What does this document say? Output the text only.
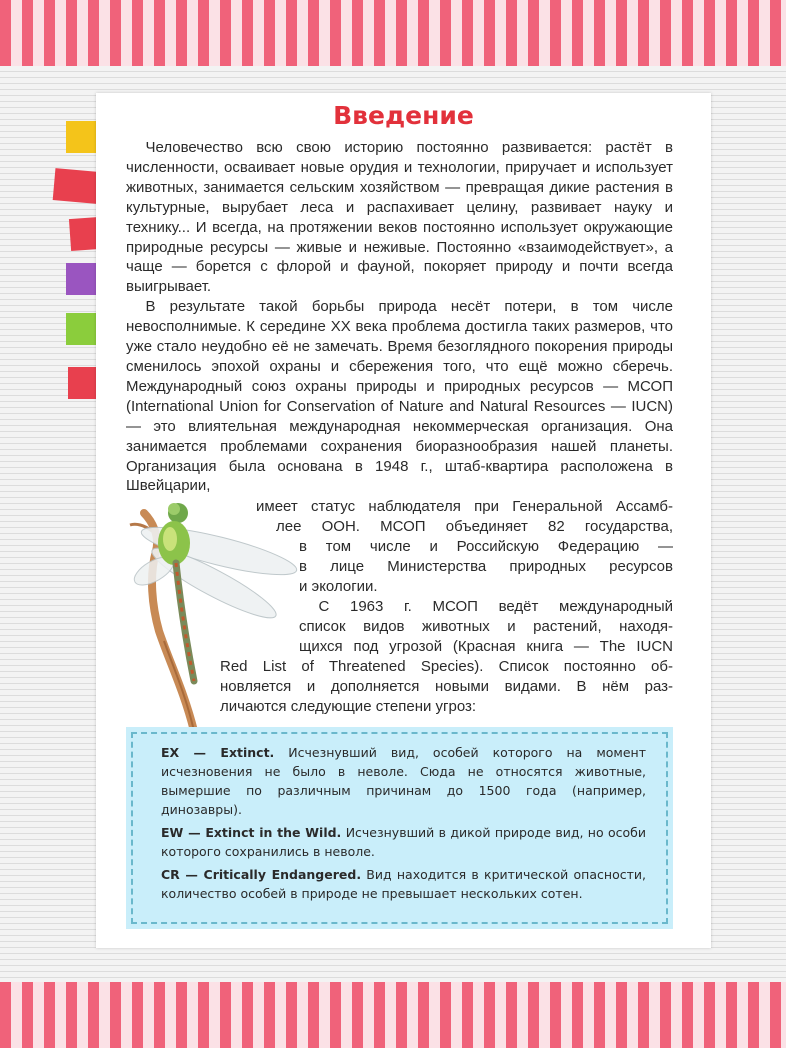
Введение

Человечество всю свою историю постоянно развивается: растёт в численности, осваивает новые орудия и технологии, приручает и использует животных, занимается сельским хозяйством — превращая дикие растения в культурные, вырубает леса и распахивает целину, развивает науку и технику... И всегда, на протяжении веков постоянно использует окружающие природные ресурсы — живые и неживые. Постоянно «взаимодействует», а чаще — борется с флорой и фауной, покоряет природу и почти всегда выигрывает.

В результате такой борьбы природа несёт потери, в том числе невосполнимые. К середине XX века проблема достигла таких размеров, что уже стало неудобно её не замечать. Время безоглядного покорения природы сменилось эпохой охраны и сбережения того, что ещё можно сберечь. Международный союз охраны природы и природных ресурсов — МСОП (International Union for Conservation of Nature and Natural Resources — IUCN) — это влиятельная международная некоммерческая организация. Она занимается проблемами сохранения биоразнообразия нашей планеты. Организация была основана в 1948 г., штаб-квартира расположена в Швейцарии,

имеет статус наблюдателя при Генеральной Ассамб-

лее ООН. МСОП объединяет 82 государства,

в том числе и Российскую Федерацию —

в лице Министерства природных ресурсов

и экологии.

С 1963 г. МСОП ведёт международный

список видов животных и растений, находя-

щихся под угрозой (Красная книга — The IUCN

Red List of Threatened Species). Список постоянно об-

новляется и дополняется новыми видами. В нём раз-

личаются следующие степени угроз:

EX — Extinct. Исчезнувший вид, особей которого на момент исчезновения не было в неволе. Сюда не относятся животные, вымершие по различным причинам до 1500 года (например, динозавры).

EW — Extinct in the Wild. Исчезнувший в дикой природе вид, но особи которого сохранились в неволе.

CR — Critically Endangered. Вид находится в критической опасности, количество особей в природе не превышает нескольких сотен.
